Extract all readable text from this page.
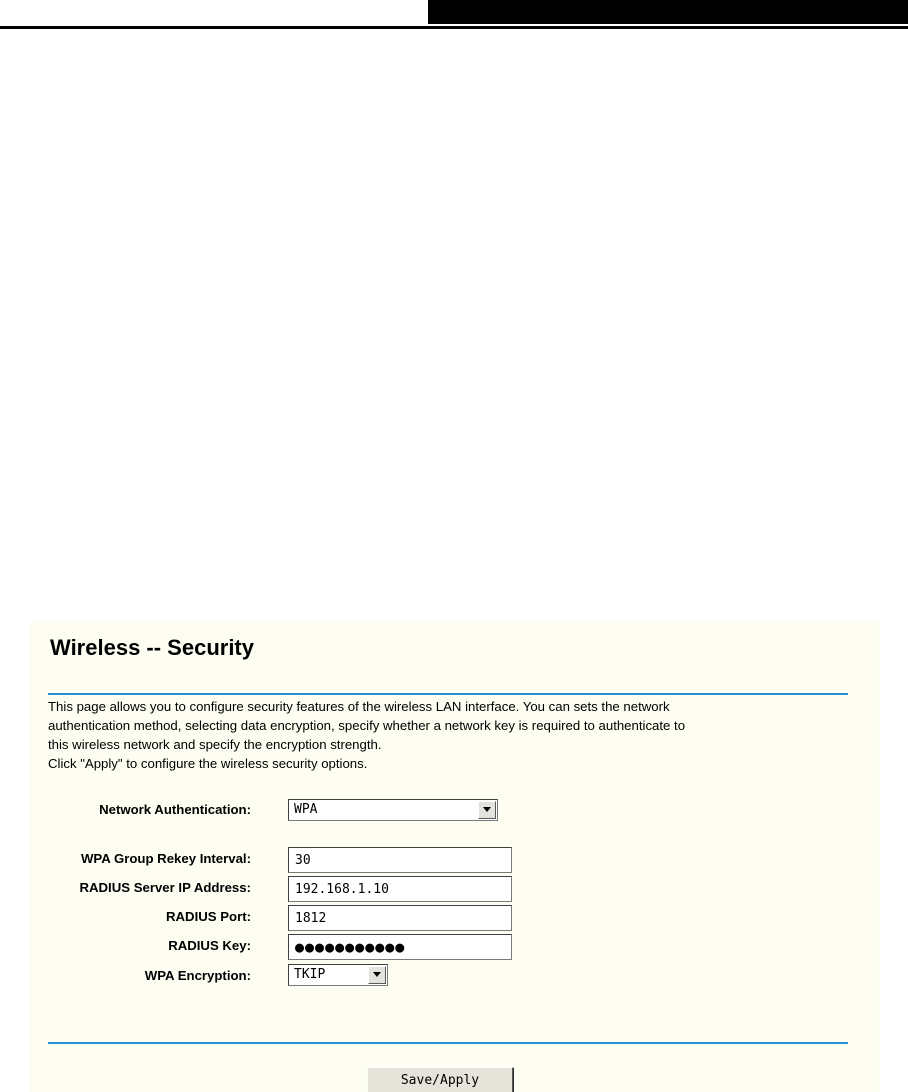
Wireless -- Security

This page allows you to configure security features of the wireless LAN interface. You can sets the network

authentication method, selecting data encryption, specify whether a network key is required to authenticate to

this wireless network and specify the encryption strength.

Click "Apply" to configure the wireless security options.

Network Authentication:	WPA
WPA Group Rekey Interval:
30
RADIUS Server IP Address:
192.168.1.10
RADIUS Port:
1812
RADIUS Key:
●●●●●●●●●●●
WPA Encryption:	TKIP
Save/Apply
